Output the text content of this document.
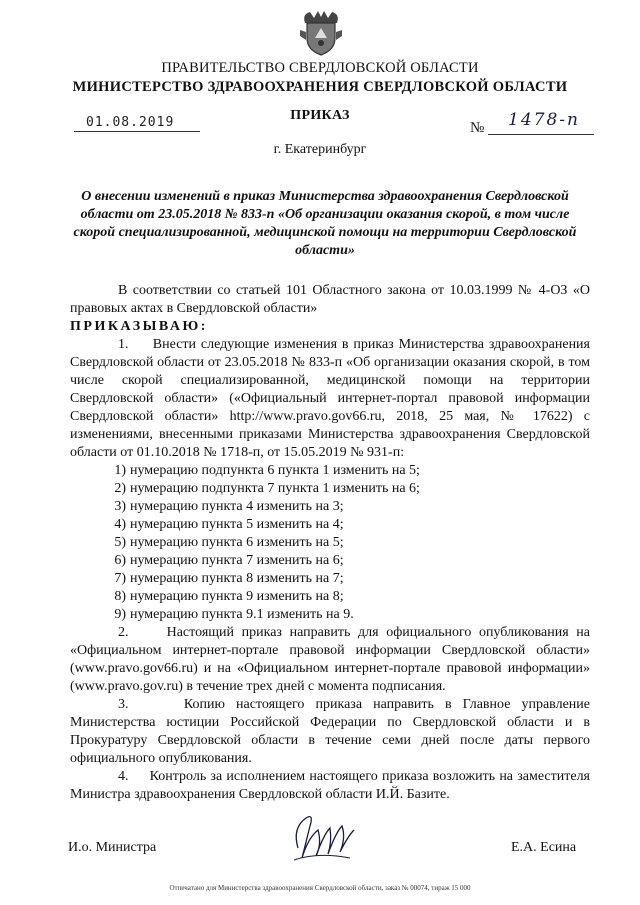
ПРАВИТЕЛЬСТВО СВЕРДЛОВСКОЙ ОБЛАСТИ
МИНИСТЕРСТВО ЗДРАВООХРАНЕНИЯ СВЕРДЛОВСКОЙ ОБЛАСТИ
ПРИКАЗ
01.08.2019	№ 1478-п
г. Екатеринбург
О внесении изменений в приказ Министерства здравоохранения Свердловской области от 23.05.2018 № 833-п «Об организации оказания скорой, в том числе скорой специализированной, медицинской помощи на территории Свердловской области»

В соответствии со статьей 101 Областного закона от 10.03.1999 № 4-ОЗ «О правовых актах в Свердловской области»

ПРИКАЗЫВАЮ:

1. Внести следующие изменения в приказ Министерства здравоохранения Свердловской области от 23.05.2018 № 833-п «Об организации оказания скорой, в том числе скорой специализированной, медицинской помощи на территории Свердловской области» («Официальный интернет-портал правовой информации Свердловской области» http://www.pravo.gov66.ru, 2018, 25 мая, № 17622) с изменениями, внесенными приказами Министерства здравоохранения Свердловской области от 01.10.2018 № 1718-п, от 15.05.2019 № 931-п:

1) нумерацию подпункта 6 пункта 1 изменить на 5;

2) нумерацию подпункта 7 пункта 1 изменить на 6;

3) нумерацию пункта 4 изменить на 3;

4) нумерацию пункта 5 изменить на 4;

5) нумерацию пункта 6 изменить на 5;

6) нумерацию пункта 7 изменить на 6;

7) нумерацию пункта 8 изменить на 7;

8) нумерацию пункта 9 изменить на 8;

9) нумерацию пункта 9.1 изменить на 9.

2.	Настоящий приказ направить для официального опубликования на «Официальном интернет-портале правовой информации Свердловской области» (www.pravo.gov66.ru) и на «Официальном интернет-портале правовой информации» (www.pravo.gov.ru) в течение трех дней с момента подписания.

3.	Копию настоящего приказа направить в Главное управление Министерства юстиции Российской Федерации по Свердловской области и в Прокуратуру Свердловской области в течение семи дней после даты первого официального опубликования.

4. Контроль за исполнением настоящего приказа возложить на заместителя Министра здравоохранения Свердловской области И.Й. Базите.

И.о. Министра	Е.А. Есина
Отпечатано для Министерства здравоохранения Свердловской области, заказ № 00074, тираж 15 000
